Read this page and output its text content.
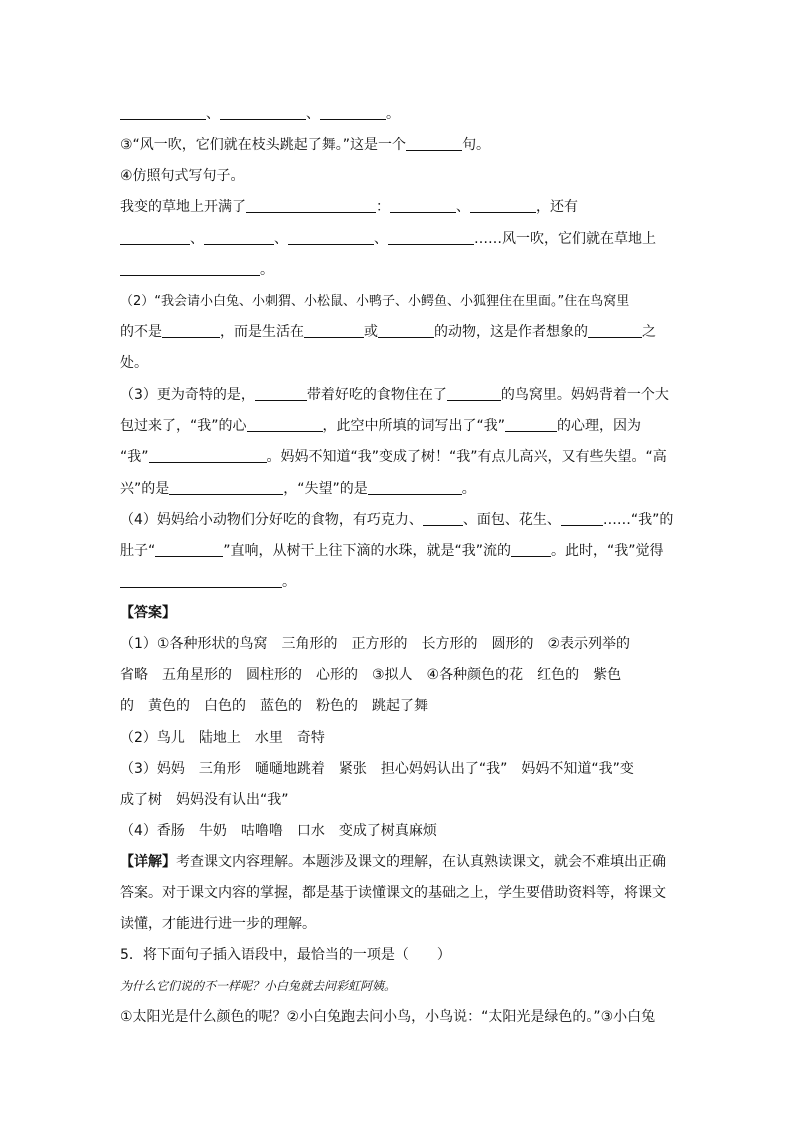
、	、	。
③“风一吹，它们就在枝头跳起了舞。”这是一个	句。
④仿照句式写句子。
我变的草地上开满了	：	、	，还有
、	、	、	……风一吹，它们就在草地上
。
（2）“我会请小白兔、小刺猬、小松鼠、小鸭子、小鳄鱼、小狐狸住在里面。”住在鸟窝里
的不是	，而是生活在	或	的动物，这是作者想象的	之
处。
（3）更为奇特的是，	带着好吃的食物住在了	的鸟窝里。妈妈背着一个大
包过来了，“我”的心	，此空中所填的词写出了“我”	的心理，因为
“我”	。妈妈不知道“我”变成了树！“我”有点儿高兴，又有些失望。“高
兴”的是	，“失望”的是	。
（4）妈妈给小动物们分好吃的食物，有巧克力、	、面包、花生、	……“我”的
肚子“	”直响，从树干上往下滴的水珠，就是“我”流的	。此时，“我”觉得
。
【答案】
（1）①各种形状的鸟窝　三角形的　正方形的　长方形的　圆形的　②表示列举的
省略　五角星形的　圆柱形的　心形的　③拟人　④各种颜色的花　红色的　紫色
的　黄色的　白色的　蓝色的　粉色的　跳起了舞
（2）鸟儿　陆地上　水里　奇特
（3）妈妈　三角形　嗵嗵地跳着　紧张　担心妈妈认出了“我”　妈妈不知道“我”变
成了树　妈妈没有认出“我”
（4）香肠　牛奶　咕噜噜　口水　变成了树真麻烦
【详解】考查课文内容理解。本题涉及课文的理解，在认真熟读课文，就会不难填出正确
答案。对于课文内容的掌握，都是基于读懂课文的基础之上，学生要借助资料等，将课文
读懂，才能进行进一步的理解。
5．将下面句子插入语段中，最恰当的一项是（　　）
为什么它们说的不一样呢？小白兔就去问彩虹阿姨。
①太阳光是什么颜色的呢？②小白兔跑去问小鸟，小鸟说：“太阳光是绿色的。”③小白兔
